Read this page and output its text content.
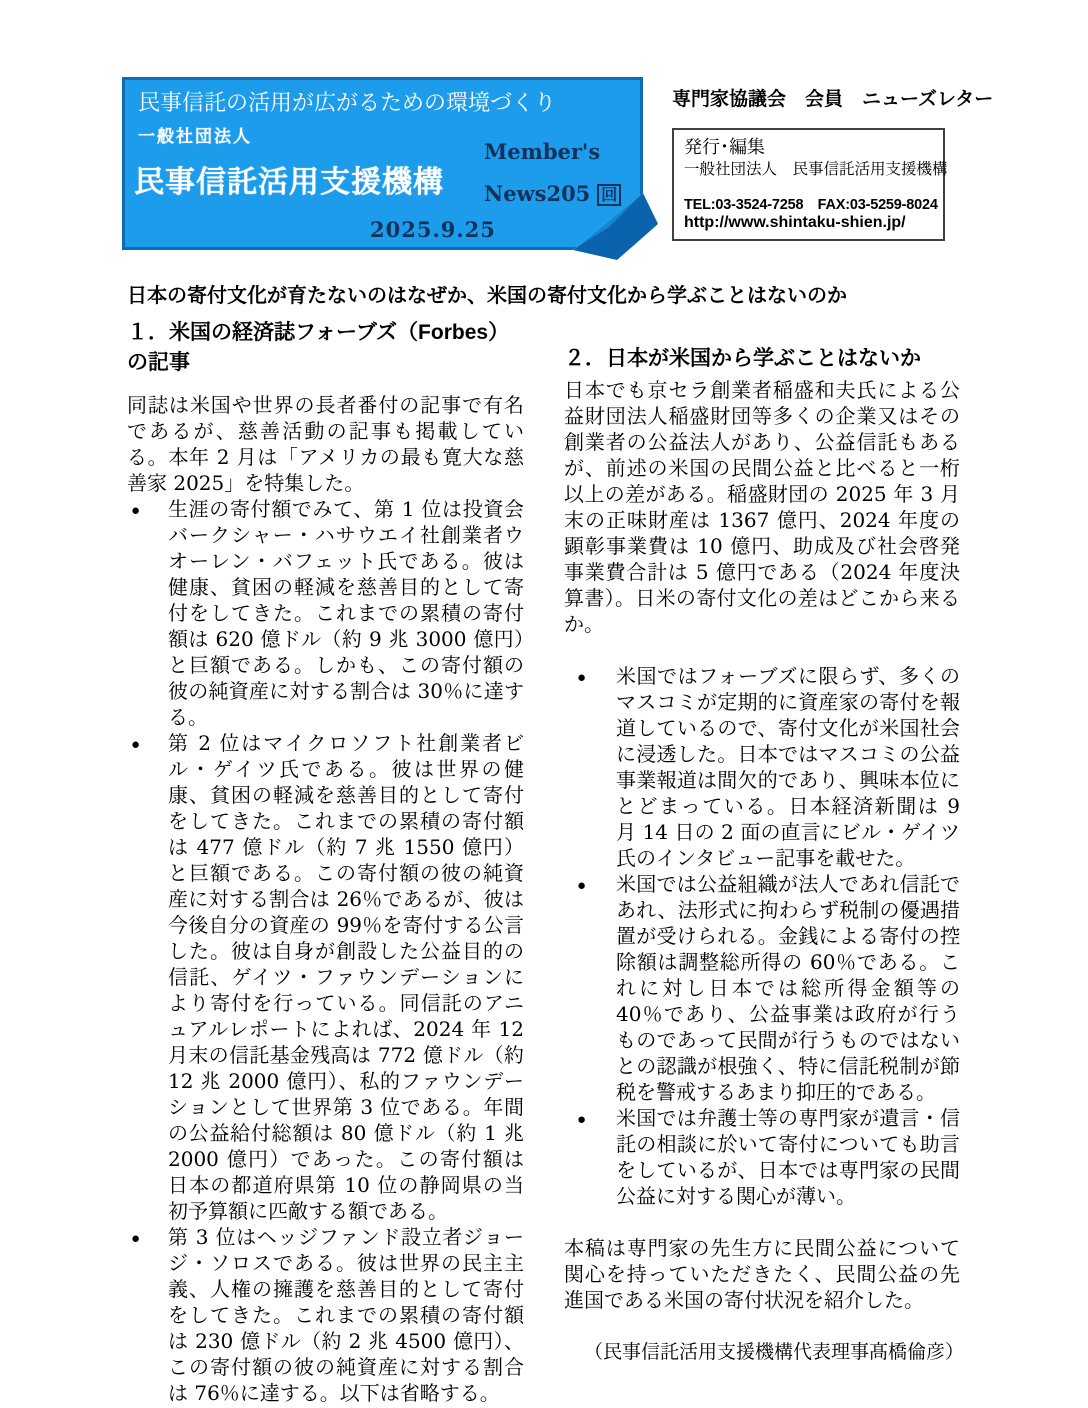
民事信託の活用が広がるための環境づくり
一般社団法人
民事信託活用支援機構
Member's
News205 回
2025.9.25
専門家協議会　会員　ニューズレター
発行･編集
一般社団法人　民事信託活用支援機構
TEL:03-3524-7258　FAX:03-5259-8024
http://www.shintaku-shien.jp/
日本の寄付文化が育たないのはなぜか、米国の寄付文化から学ぶことはないのか
１．米国の経済誌フォーブズ（Forbes）の記事

同誌は米国や世界の長者番付の記事で有名であるが、慈善活動の記事も掲載している。本年 2 月は「アメリカの最も寛大な慈善家 2025」を特集した。

● 生涯の寄付額でみて、第 1 位は投資会バークシャー・ハサウエイ社創業者ウオーレン・バフェット氏である。彼は健康、貧困の軽減を慈善目的として寄付をしてきた。これまでの累積の寄付額は 620 億ドル（約 9 兆 3000 億円）と巨額である。しかも、この寄付額の彼の純資産に対する割合は 30％に達する。
● 第 2 位はマイクロソフト社創業者ビル・ゲイツ氏である。彼は世界の健康、貧困の軽減を慈善目的として寄付をしてきた。これまでの累積の寄付額は 477 億ドル（約 7 兆 1550 億円）と巨額である。この寄付額の彼の純資産に対する割合は 26％であるが、彼は今後自分の資産の 99％を寄付する公言した。彼は自身が創設した公益目的の信託、ゲイツ・ファウンデーションにより寄付を行っている。同信託のアニュアルレポートによれば、2024 年 12 月末の信託基金残高は 772 億ドル（約 12 兆 2000 億円）、私的ファウンデーションとして世界第 3 位である。年間の公益給付総額は 80 億ドル（約 1 兆 2000 億円）であった。この寄付額は日本の都道府県第 10 位の静岡県の当初予算額に匹敵する額である。
● 第 3 位はヘッジファンド設立者ジョージ・ソロスである。彼は世界の民主主義、人権の擁護を慈善目的として寄付をしてきた。これまでの累積の寄付額は 230 億ドル（約 2 兆 4500 億円）、この寄付額の彼の純資産に対する割合は 76％に達する。以下は省略する。
２．日本が米国から学ぶことはないか

日本でも京セラ創業者稲盛和夫氏による公益財団法人稲盛財団等多くの企業又はその創業者の公益法人があり、公益信託もあるが、前述の米国の民間公益と比べると一桁以上の差がある。稲盛財団の 2025 年 3 月末の正味財産は 1367 億円、2024 年度の顕彰事業費は 10 億円、助成及び社会啓発事業費合計は 5 億円である（2024 年度決算書）。日米の寄付文化の差はどこから来るか。

● 米国ではフォーブズに限らず、多くのマスコミが定期的に資産家の寄付を報道しているので、寄付文化が米国社会に浸透した。日本ではマスコミの公益事業報道は間欠的であり、興味本位にとどまっている。日本経済新聞は 9 月 14 日の 2 面の直言にビル・ゲイツ氏のインタビュー記事を載せた。
● 米国では公益組織が法人であれ信託であれ、法形式に拘わらず税制の優遇措置が受けられる。金銭による寄付の控除額は調整総所得の 60％である。これに対し日本では総所得金額等の 40％であり、公益事業は政府が行うものであって民間が行うものではないとの認識が根強く、特に信託税制が節税を警戒するあまり抑圧的である。
● 米国では弁護士等の専門家が遺言・信託の相談に於いて寄付についても助言をしているが、日本では専門家の民間公益に対する関心が薄い。

本稿は専門家の先生方に民間公益について関心を持っていただきたく、民間公益の先進国である米国の寄付状況を紹介した。

（民事信託活用支援機構代表理事髙橋倫彦）
